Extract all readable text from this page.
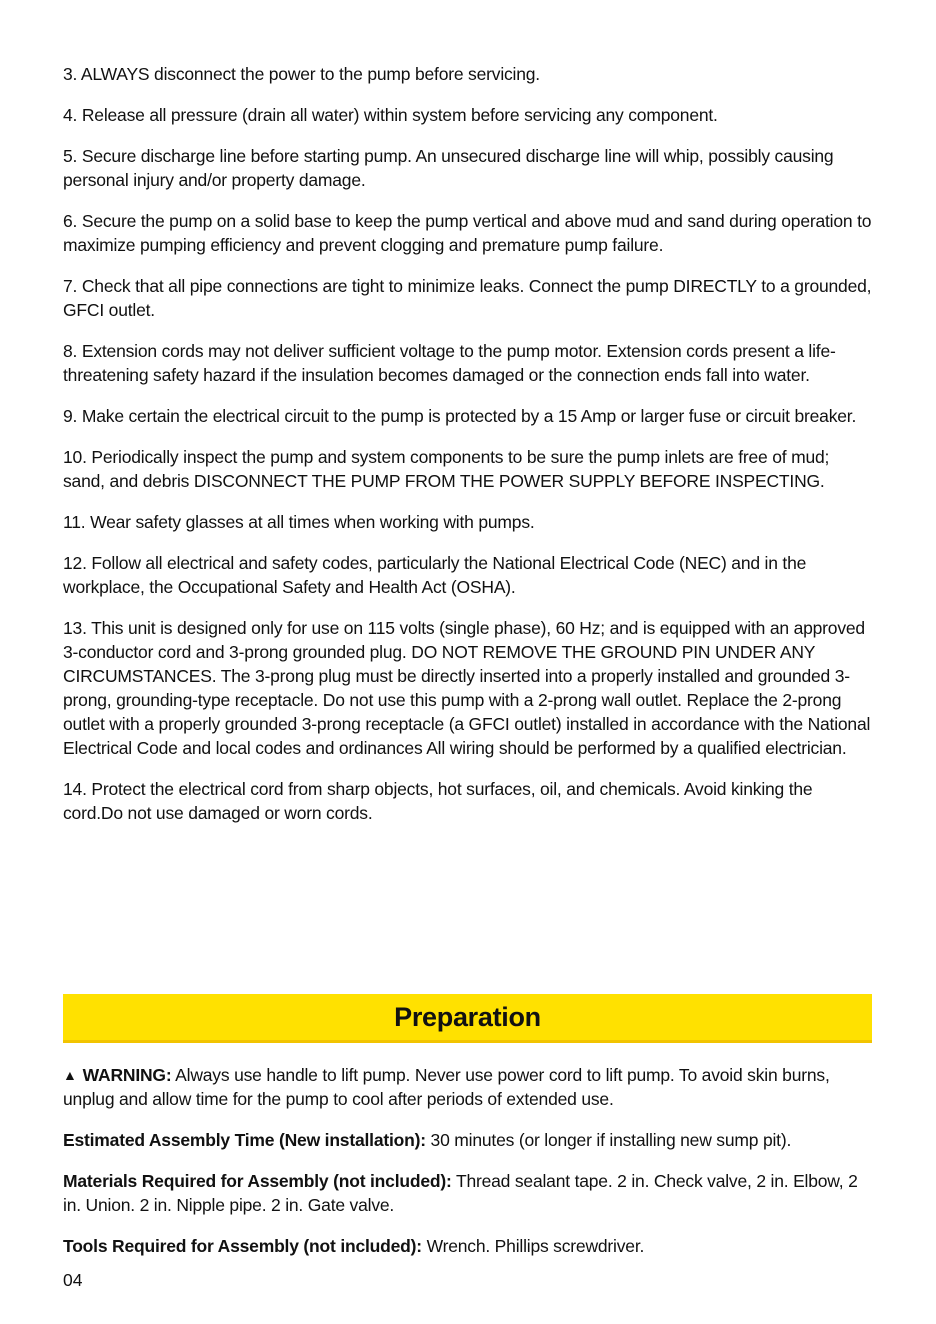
3. ALWAYS disconnect the power to the pump before servicing.

4. Release all pressure (drain all water) within system before servicing any component.

5. Secure discharge line before starting pump. An unsecured discharge line will whip, possibly causing personal injury and/or property damage.

6. Secure the pump on a solid base to keep the pump vertical and above mud and sand during operation to maximize pumping efficiency and prevent clogging and premature pump failure.

7. Check that all pipe connections are tight to minimize leaks. Connect the pump DIRECTLY to a grounded, GFCI outlet.

8. Extension cords may not deliver sufficient voltage to the pump motor. Extension cords present a life-threatening safety hazard if the insulation becomes damaged or the connection ends fall into water.

9. Make certain the electrical circuit to the pump is protected by a 15 Amp or larger fuse or circuit breaker.

10. Periodically inspect the pump and system components to be sure the pump inlets are free of mud; sand, and debris DISCONNECT THE PUMP FROM THE POWER SUPPLY BEFORE INSPECTING.

11. Wear safety glasses at all times when working with pumps.

12. Follow all electrical and safety codes, particularly the National Electrical Code (NEC) and in the workplace, the Occupational Safety and Health Act (OSHA).

13. This unit is designed only for use on 115 volts (single phase), 60 Hz; and is equipped with an approved 3-conductor cord and 3-prong grounded plug. DO NOT REMOVE THE GROUND PIN UNDER ANY CIRCUMSTANCES. The 3-prong plug must be directly inserted into a properly installed and grounded 3-prong, grounding-type receptacle. Do not use this pump with a 2-prong wall outlet. Replace the 2-prong outlet with a properly grounded 3-prong receptacle (a GFCI outlet) installed in accordance with the National Electrical Code and local codes and ordinances All wiring should be performed by a qualified electrician.

14. Protect the electrical cord from sharp objects, hot surfaces, oil, and chemicals. Avoid kinking the cord.Do not use damaged or worn cords.

Preparation

▲ WARNING: Always use handle to lift pump. Never use power cord to lift pump. To avoid skin burns, unplug and allow time for the pump to cool after periods of extended use.

Estimated Assembly Time (New installation): 30 minutes (or longer if installing new sump pit).

Materials Required for Assembly (not included): Thread sealant tape. 2 in. Check valve, 2 in. Elbow, 2 in. Union. 2 in. Nipple pipe. 2 in. Gate valve.

Tools Required for Assembly (not included): Wrench. Phillips screwdriver.

04
